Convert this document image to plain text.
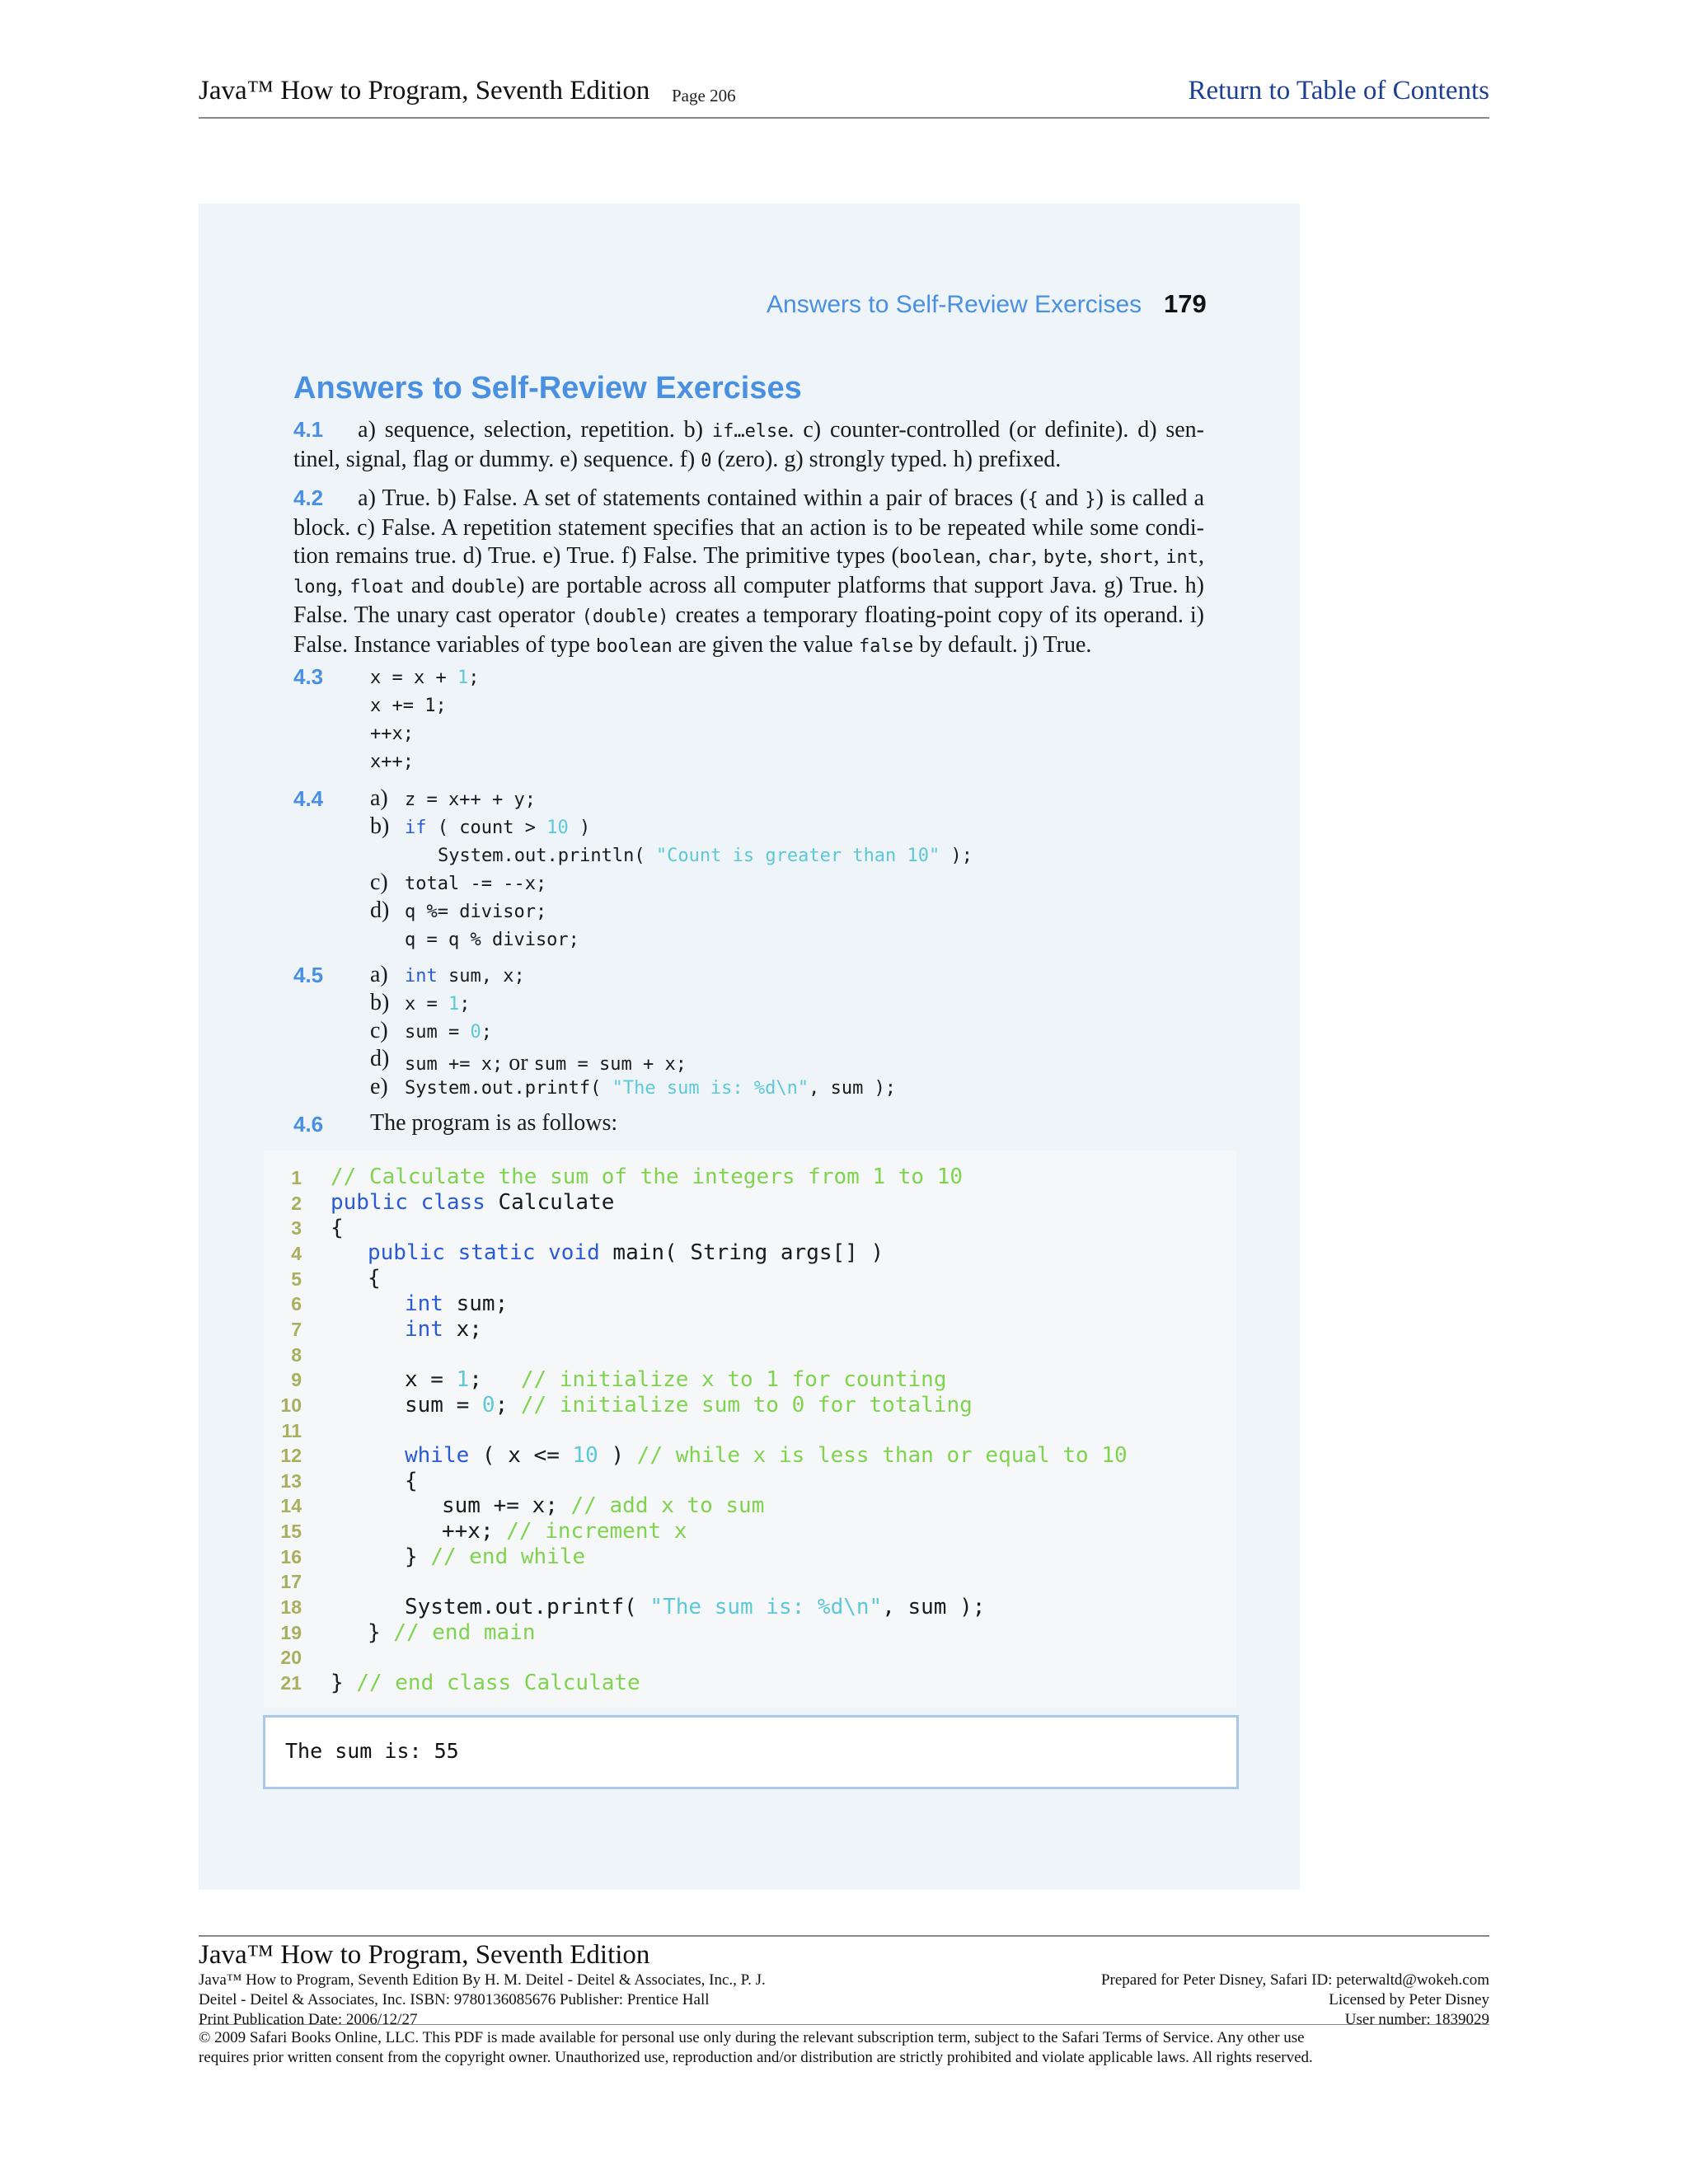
Java™ How to Program, Seventh Edition Page 206	Return to Table of Contents
Answers to Self-Review Exercises 179
Answers to Self-Review Exercises
4.1 a) sequence, selection, repetition. b) if…else. c) counter-controlled (or definite). d) sen- tinel, signal, flag or dummy. e) sequence. f) 0 (zero). g) strongly typed. h) prefixed.
4.2 a) True. b) False. A set of statements contained within a pair of braces ({ and }) is called a block. c) False. A repetition statement specifies that an action is to be repeated while some condi- tion remains true. d) True. e) True. f) False. The primitive types (boolean, char, byte, short, int, long, float and double) are portable across all computer platforms that support Java. g) True. h) False. The unary cast operator (double) creates a temporary floating-point copy of its operand. i) False. Instance variables of type boolean are given the value false by default. j) True.
4.3	x = x + 1;
x += 1;
++x;
x++;
4.4 a) z = x++ + y;
b) if ( count > 10 )
System.out.println( "Count is greater than 10" );
c) total -= --x;
d) q %= divisor;
q = q % divisor;
4.5 a) int sum, x;
b) x = 1;
c) sum = 0;
d) sum += x; or sum = sum + x;
e) System.out.printf( "The sum is: %d\n", sum );
4.6 The program is as follows:
1
2
3
4
5
6
7
8
9
10
11
12
13
14
15
16
17
18
19
20
21
// Calculate the sum of the integers from 1 to 10
public class Calculate
{
public static void main( String args[] )
{
int sum;
int x;
x = 1;   // initialize x to 1 for counting
sum = 0; // initialize sum to 0 for totaling
while ( x <= 10 ) // while x is less than or equal to 10
{
sum += x; // add x to sum
++x; // increment x
} // end while
System.out.printf( "The sum is: %d\n", sum );
} // end main
} // end class Calculate
The sum is: 55
Java™ How to Program, Seventh Edition
Java™ How to Program, Seventh Edition By H. M. Deitel - Deitel & Associates, Inc., P. J.
Deitel - Deitel & Associates, Inc. ISBN: 9780136085676 Publisher: Prentice Hall
Print Publication Date: 2006/12/27
Prepared for Peter Disney, Safari ID: peterwaltd@wokeh.com
Licensed by Peter Disney
User number: 1839029
© 2009 Safari Books Online, LLC. This PDF is made available for personal use only during the relevant subscription term, subject to the Safari Terms of Service. Any other use
requires prior written consent from the copyright owner. Unauthorized use, reproduction and/or distribution are strictly prohibited and violate applicable laws. All rights reserved.
